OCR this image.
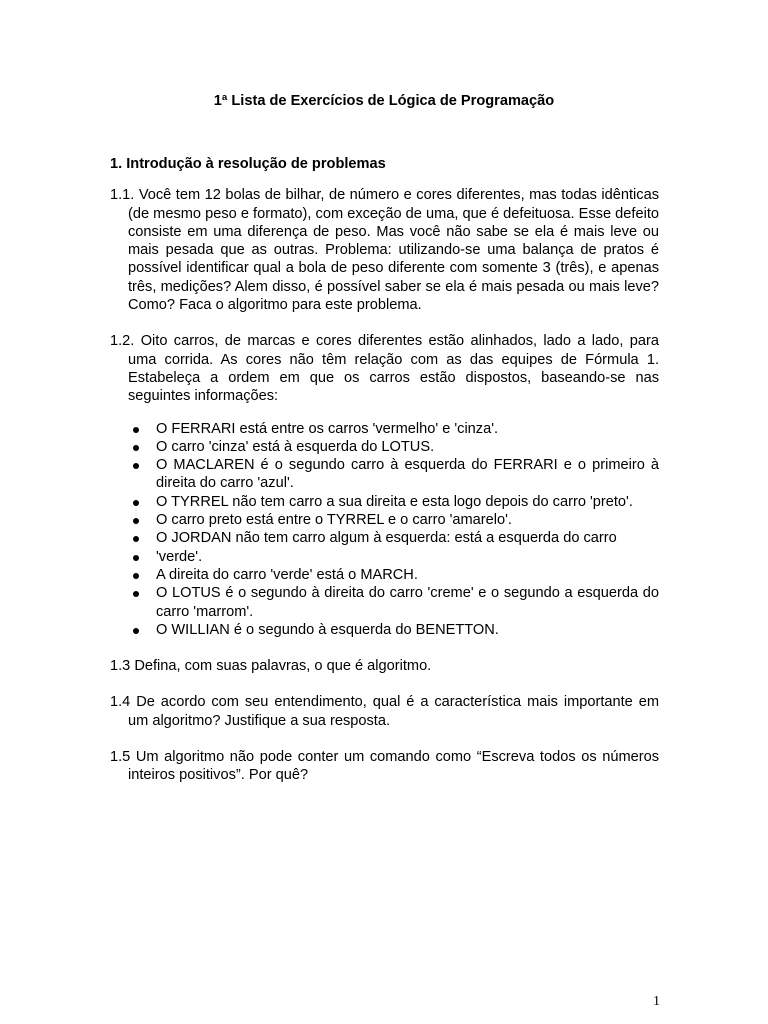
1ª Lista de Exercícios de Lógica de Programação
1. Introdução à resolução de problemas

1.1. Você tem 12 bolas de bilhar, de número e cores diferentes, mas todas idênticas (de mesmo peso e formato), com exceção de uma, que é defeituosa. Esse defeito consiste em uma diferença de peso. Mas você não sabe se ela é mais leve ou mais pesada que as outras. Problema: utilizando-se uma balança de pratos é possível identificar qual a bola de peso diferente com somente 3 (três), e apenas três, medições? Alem disso, é possível saber se ela é mais pesada ou mais leve? Como? Faca o algoritmo para este problema.

1.2. Oito carros, de marcas e cores diferentes estão alinhados, lado a lado, para uma corrida. As cores não têm relação com as das equipes de Fórmula 1. Estabeleça a ordem em que os carros estão dispostos, baseando-se nas seguintes informações:

O FERRARI está entre os carros 'vermelho' e 'cinza'.
O carro 'cinza' está à esquerda do LOTUS.
O MACLAREN é o segundo carro à esquerda do FERRARI e o primeiro à direita do carro 'azul'.
O TYRREL não tem carro a sua direita e esta logo depois do carro 'preto'.
O carro preto está entre o TYRREL e o carro 'amarelo'.
O JORDAN não tem carro algum à esquerda: está a esquerda do carro
'verde'.
A direita do carro 'verde' está o MARCH.
O LOTUS é o segundo à direita do carro 'creme' e o segundo a esquerda do carro 'marrom'.
O WILLIAN é o segundo à esquerda do BENETTON.

1.3 Defina, com suas palavras, o que é algoritmo.

1.4 De acordo com seu entendimento, qual é a característica mais importante em um algoritmo? Justifique a sua resposta.

1.5 Um algoritmo não pode conter um comando como “Escreva todos os números inteiros positivos”. Por quê?

1
